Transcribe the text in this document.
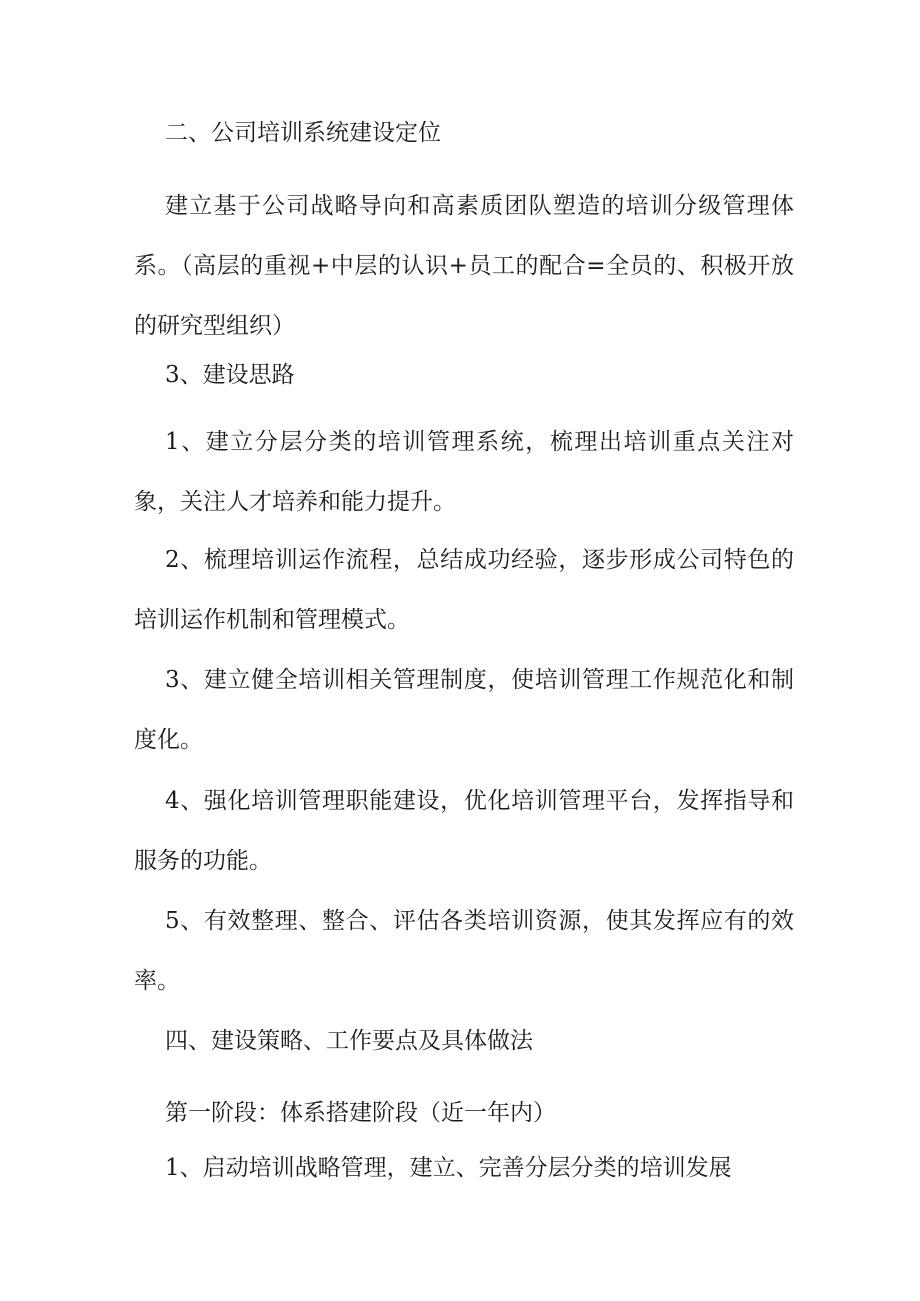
二、公司培训系统建设定位

建立基于公司战略导向和高素质团队塑造的培训分级管理体系。（高层的重视+中层的认识+员工的配合=全员的、积极开放的研究型组织）

3、建设思路

1、建立分层分类的培训管理系统，梳理出培训重点关注对象，关注人才培养和能力提升。

2、梳理培训运作流程，总结成功经验，逐步形成公司特色的培训运作机制和管理模式。

3、建立健全培训相关管理制度，使培训管理工作规范化和制度化。

4、强化培训管理职能建设，优化培训管理平台，发挥指导和服务的功能。

5、有效整理、整合、评估各类培训资源，使其发挥应有的效率。

四、建设策略、工作要点及具体做法

第一阶段：体系搭建阶段（近一年内）

1、启动培训战略管理，建立、完善分层分类的培训发展
